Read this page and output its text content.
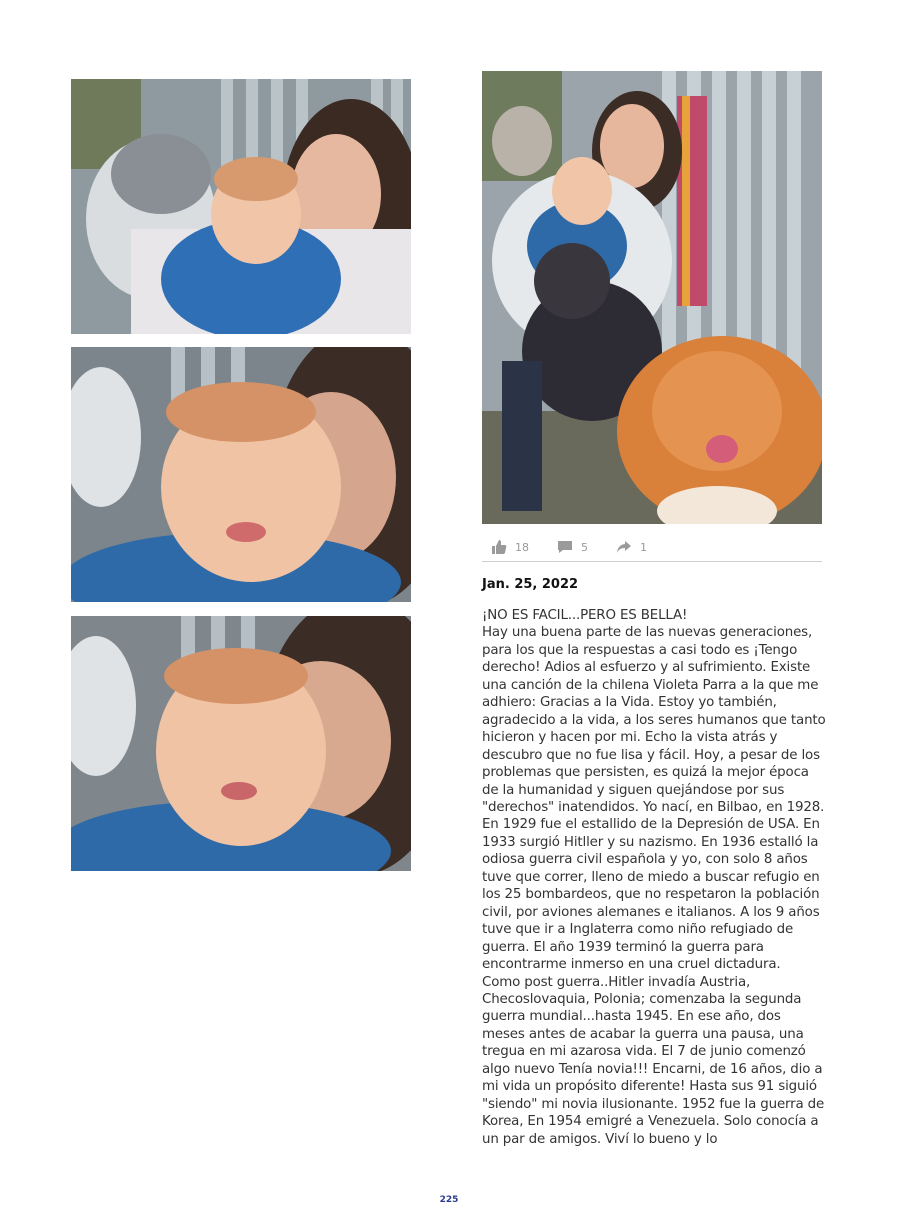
18	5	1
Jan. 25, 2022
¡NO ES FACIL...PERO ES BELLA!
Hay una buena parte de las nuevas generaciones, para los que la respuestas a casi todo es ¡Tengo derecho! Adios al esfuerzo y al sufrimiento. Existe una canción de la chilena Violeta Parra a la que me adhiero: Gracias a la Vida. Estoy yo también, agradecido a la vida, a los seres humanos que tanto hicieron y hacen por mi. Echo la vista atrás y descubro que no fue lisa y fácil. Hoy, a pesar de los problemas que persisten, es quizá la mejor época de la humanidad y siguen quejándose por sus "derechos" inatendidos. Yo nací, en Bilbao, en 1928. En 1929 fue el estallido de la Depresión de USA. En 1933 surgió Hitller y su nazismo. En 1936 estalló la odiosa guerra civil española y yo, con solo 8 años tuve que correr, lleno de miedo a buscar refugio en los 25 bombardeos, que no respetaron la población civil, por aviones alemanes e italianos. A los 9 años tuve que ir a Inglaterra como niño refugiado de guerra. El año 1939 terminó la guerra para encontrarme inmerso en una cruel dictadura.
Como post guerra..Hitler invadía Austria, Checoslovaquia, Polonia; comenzaba la segunda guerra mundial...hasta 1945. En ese año, dos meses antes de acabar la guerra una pausa, una tregua en mi azarosa vida. El 7 de junio comenzó algo nuevo Tenía novia!!! Encarni, de 16 años, dio a mi vida un propósito diferente! Hasta sus 91 siguió "siendo" mi novia ilusionante. 1952 fue la guerra de Korea, En 1954 emigré a Venezuela. Solo conocía a un par de amigos. Viví lo bueno y lo
225
